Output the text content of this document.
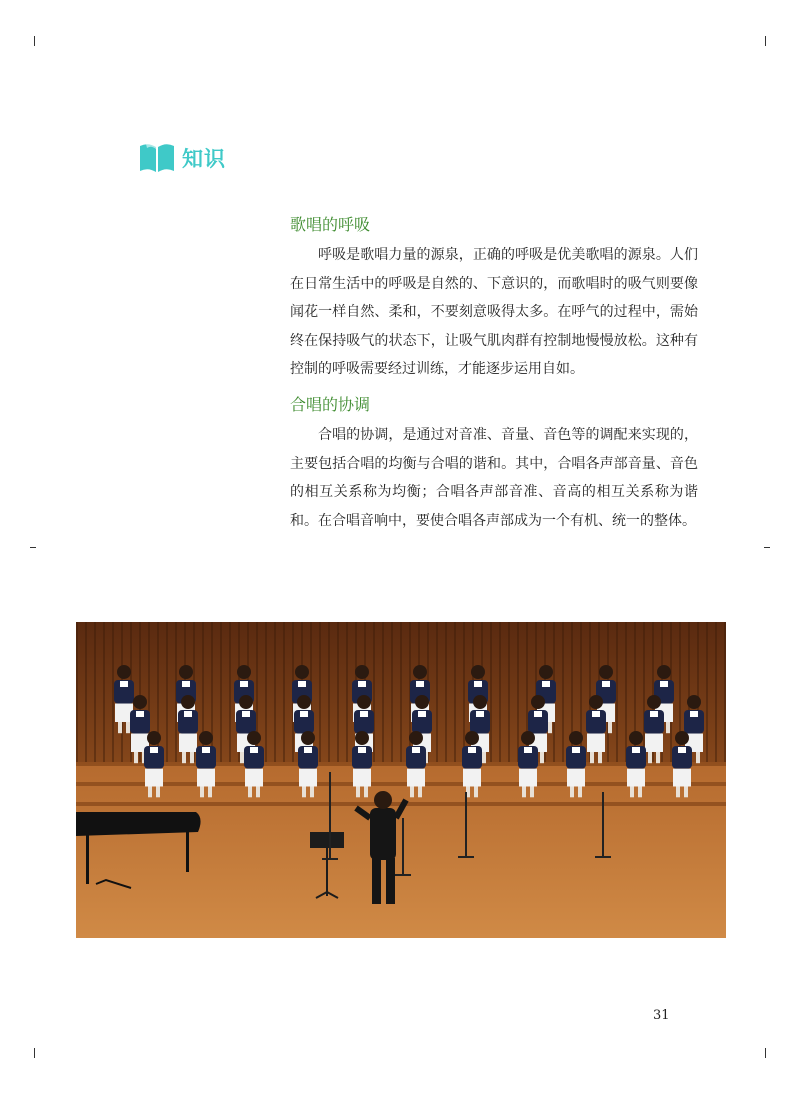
知识
歌唱的呼吸

呼吸是歌唱力量的源泉，正确的呼吸是优美歌唱的源泉。人们在日常生活中的呼吸是自然的、下意识的，而歌唱时的吸气则要像闻花一样自然、柔和，不要刻意吸得太多。在呼气的过程中，需始终在保持吸气的状态下，让吸气肌肉群有控制地慢慢放松。这种有控制的呼吸需要经过训练，才能逐步运用自如。

合唱的协调

合唱的协调，是通过对音准、音量、音色等的调配来实现的，主要包括合唱的均衡与合唱的谐和。其中，合唱各声部音量、音色的相互关系称为均衡；合唱各声部音准、音高的相互关系称为谐和。在合唱音响中，要使合唱各声部成为一个有机、统一的整体。

31
